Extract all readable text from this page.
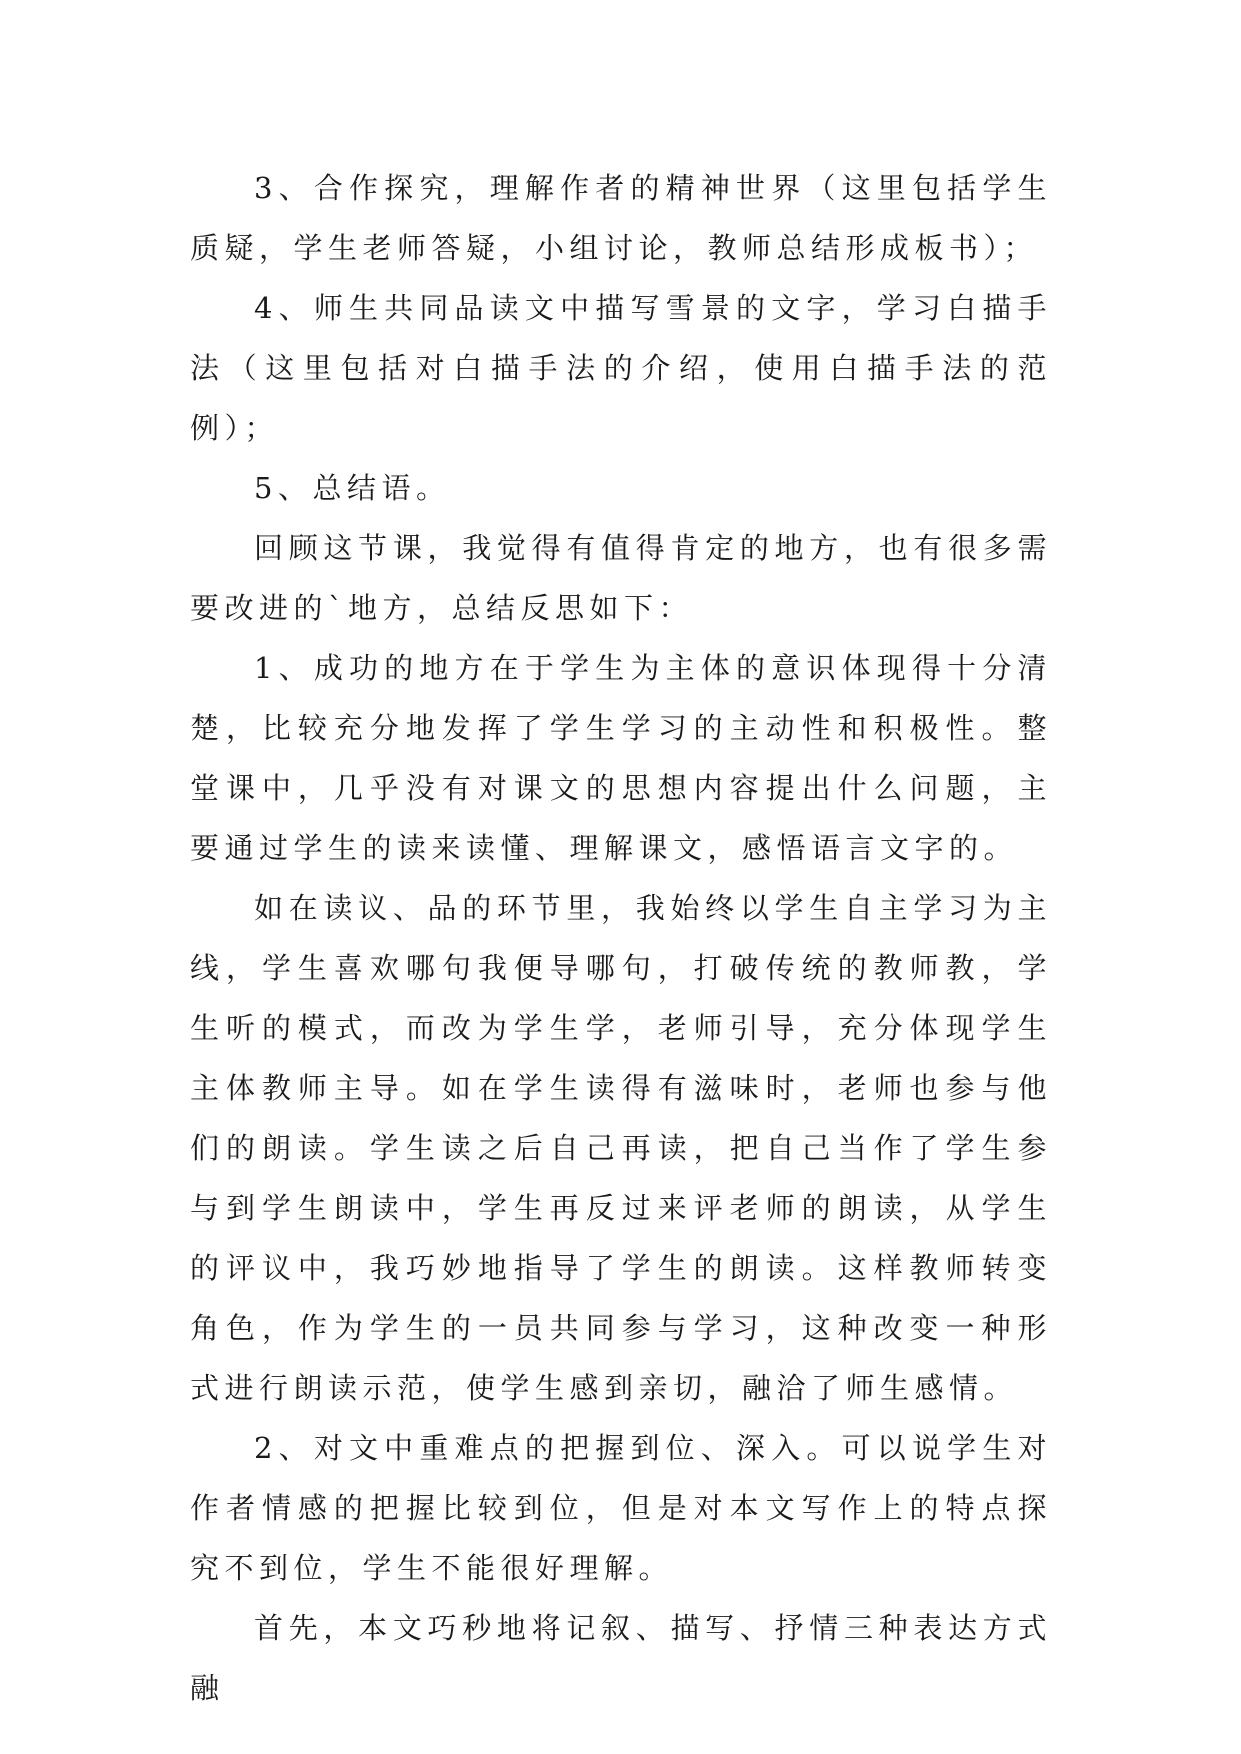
3、合作探究，理解作者的精神世界（这里包括学生质疑，学生老师答疑，小组讨论，教师总结形成板书）；

4、师生共同品读文中描写雪景的文字，学习白描手法（这里包括对白描手法的介绍，使用白描手法的范例）；

5、总结语。

回顾这节课，我觉得有值得肯定的地方，也有很多需要改进的`地方，总结反思如下：

1、成功的地方在于学生为主体的意识体现得十分清楚，比较充分地发挥了学生学习的主动性和积极性。整堂课中，几乎没有对课文的思想内容提出什么问题，主要通过学生的读来读懂、理解课文，感悟语言文字的。

如在读议、品的环节里，我始终以学生自主学习为主线，学生喜欢哪句我便导哪句，打破传统的教师教，学生听的模式，而改为学生学，老师引导，充分体现学生主体教师主导。如在学生读得有滋味时，老师也参与他们的朗读。学生读之后自己再读，把自己当作了学生参与到学生朗读中，学生再反过来评老师的朗读，从学生的评议中，我巧妙地指导了学生的朗读。这样教师转变角色，作为学生的一员共同参与学习，这种改变一种形式进行朗读示范，使学生感到亲切，融洽了师生感情。

2、对文中重难点的把握到位、深入。可以说学生对作者情感的把握比较到位，但是对本文写作上的特点探究不到位，学生不能很好理解。

首先，本文巧秒地将记叙、描写、抒情三种表达方式融
